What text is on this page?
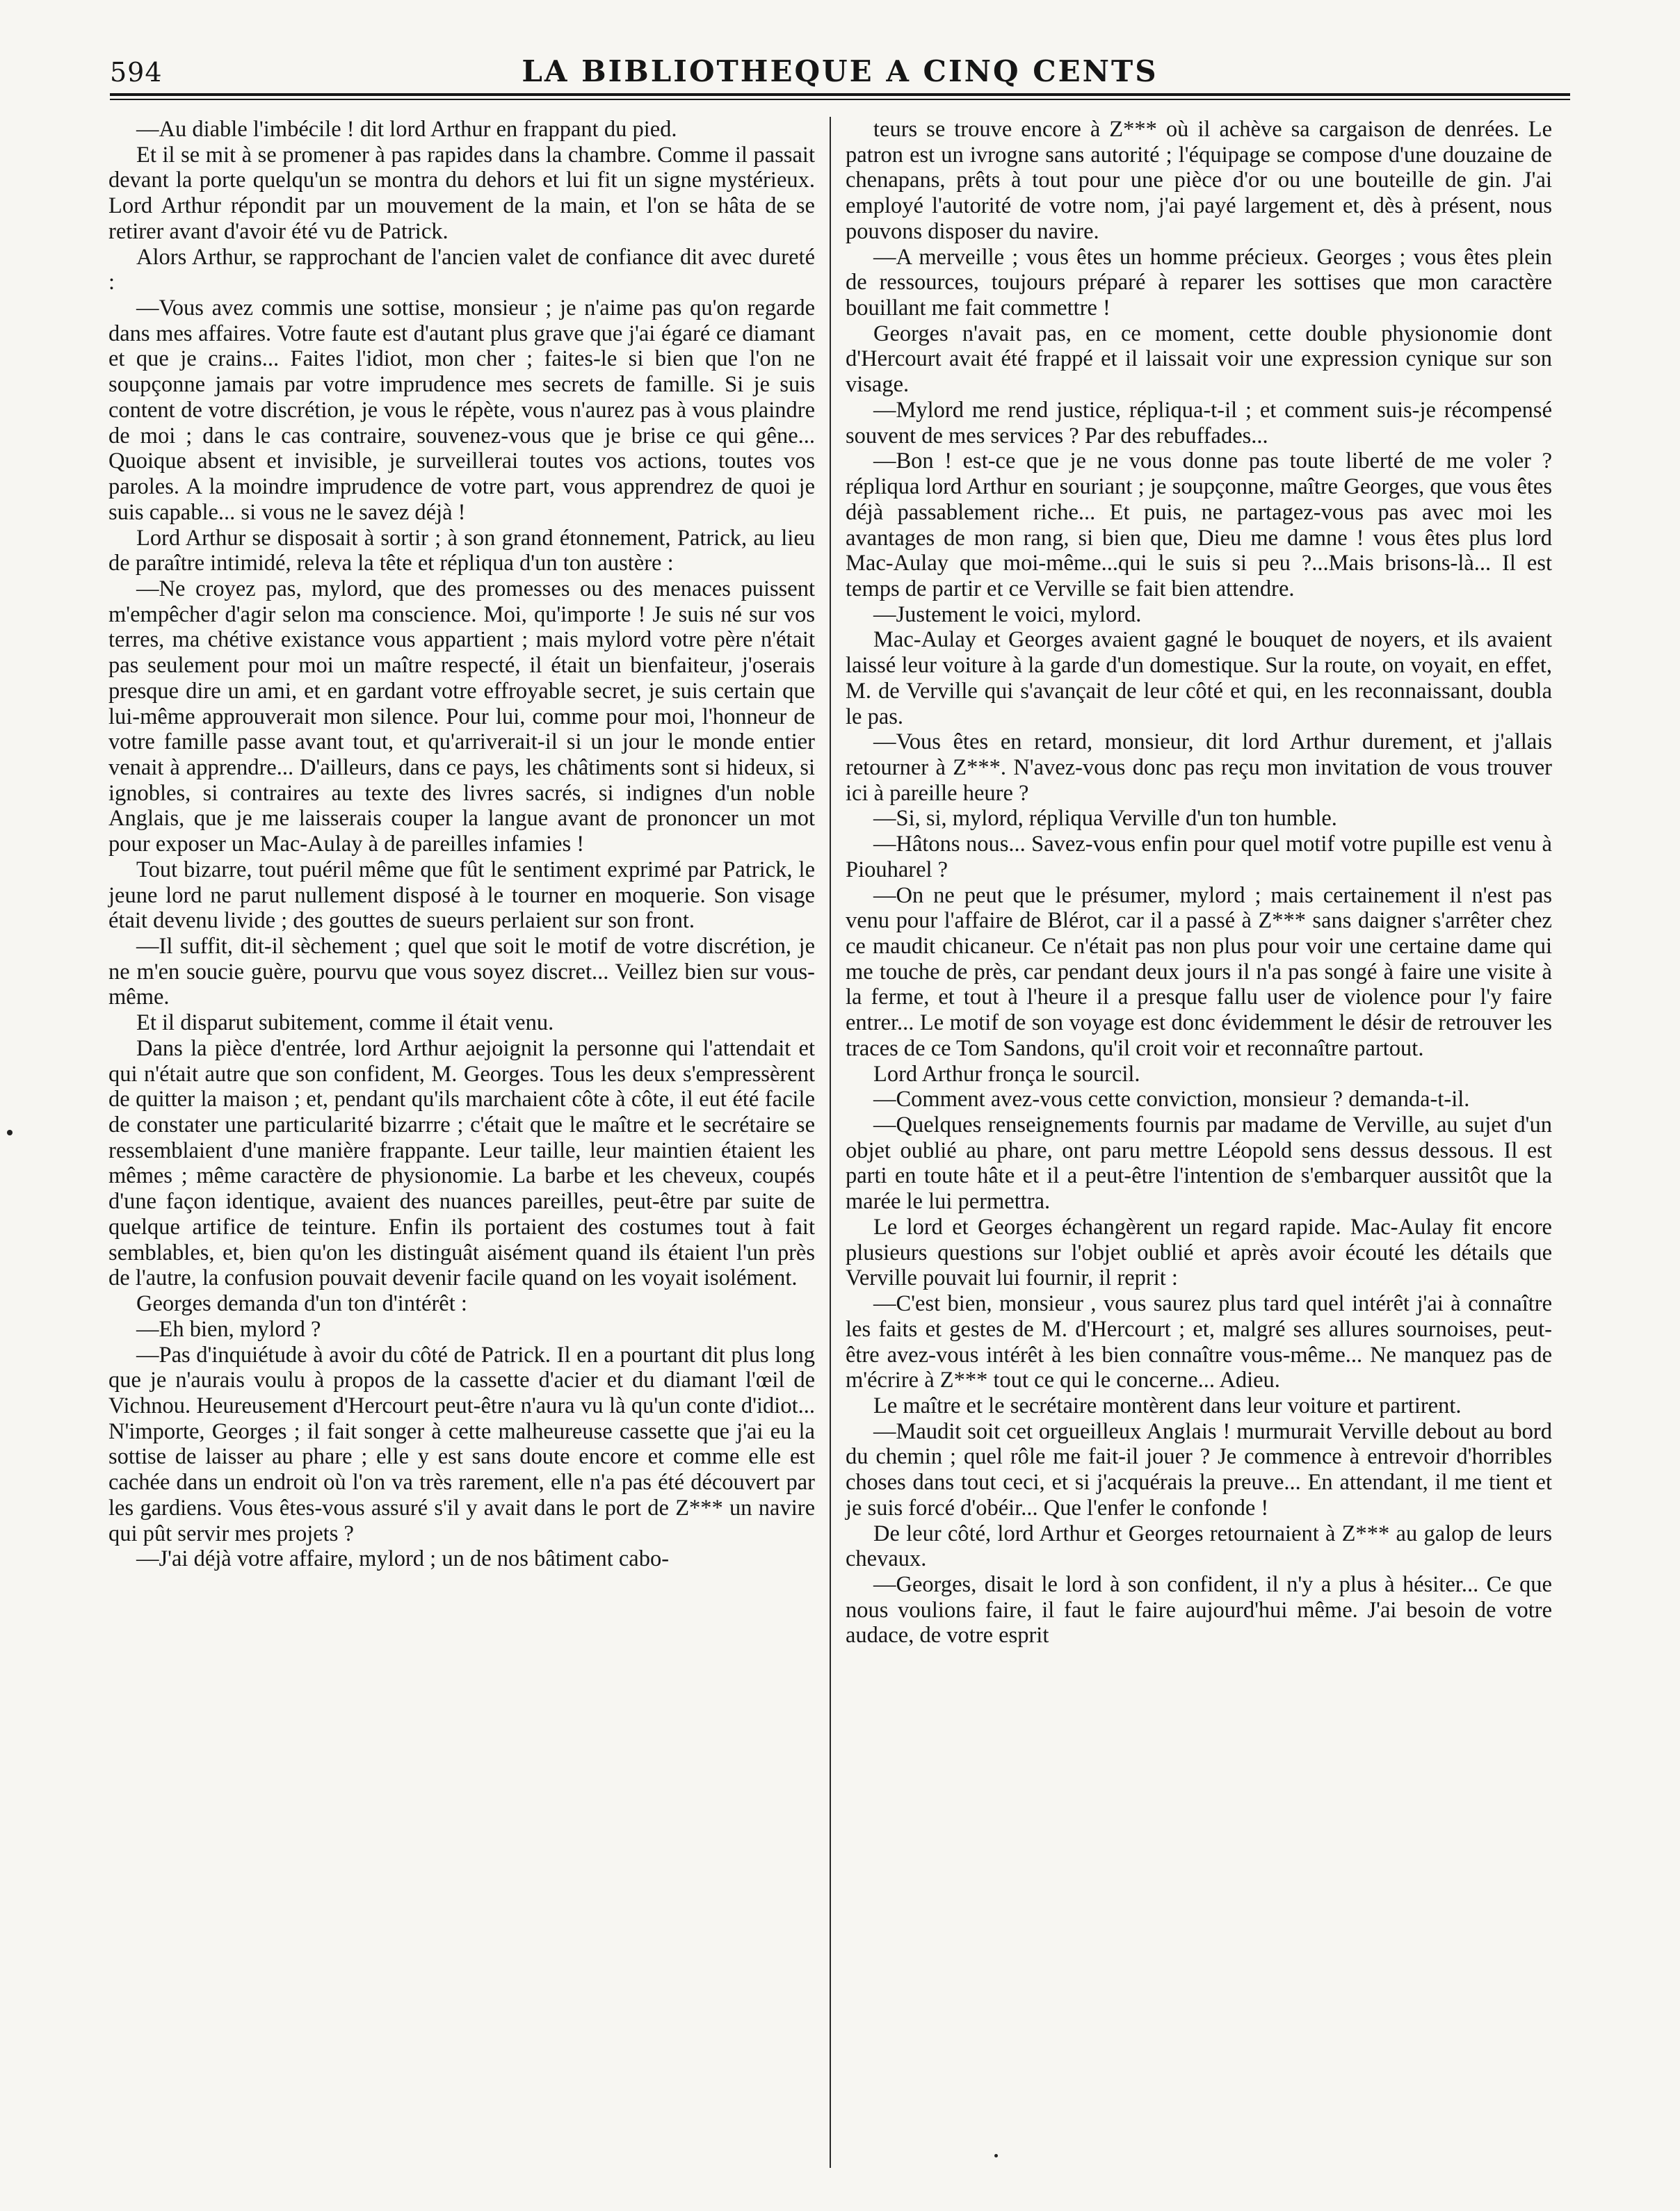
594	LA BIBLIOTHEQUE A CINQ CENTS

—Au diable l'imbécile ! dit lord Arthur en frappant du pied.

Et il se mit à se promener à pas rapides dans la chambre. Comme il passait devant la porte quelqu'un se montra du dehors et lui fit un signe mystérieux. Lord Arthur répondit par un mouvement de la main, et l'on se hâta de se retirer avant d'avoir été vu de Patrick.

Alors Arthur, se rapprochant de l'ancien valet de confiance dit avec dureté :

—Vous avez commis une sottise, monsieur ; je n'aime pas qu'on regarde dans mes affaires. Votre faute est d'autant plus grave que j'ai égaré ce diamant et que je crains... Faites l'idiot, mon cher ; faites-le si bien que l'on ne soupçonne jamais par votre imprudence mes secrets de famille. Si je suis content de votre discrétion, je vous le répète, vous n'aurez pas à vous plaindre de moi ; dans le cas contraire, souvenez-vous que je brise ce qui gêne... Quoique absent et invisible, je surveillerai toutes vos actions, toutes vos paroles. A la moindre imprudence de votre part, vous apprendrez de quoi je suis capable... si vous ne le savez déjà !

Lord Arthur se disposait à sortir ; à son grand étonnement, Patrick, au lieu de paraître intimidé, releva la tête et répliqua d'un ton austère :

—Ne croyez pas, mylord, que des promesses ou des menaces puissent m'empêcher d'agir selon ma conscience. Moi, qu'importe ! Je suis né sur vos terres, ma chétive existance vous appartient ; mais mylord votre père n'était pas seulement pour moi un maître respecté, il était un bienfaiteur, j'oserais presque dire un ami, et en gardant votre effroyable secret, je suis certain que lui-même approuverait mon silence. Pour lui, comme pour moi, l'honneur de votre famille passe avant tout, et qu'arriverait-il si un jour le monde entier venait à apprendre... D'ailleurs, dans ce pays, les châtiments sont si hideux, si ignobles, si contraires au texte des livres sacrés, si indignes d'un noble Anglais, que je me laisserais couper la langue avant de prononcer un mot pour exposer un Mac-Aulay à de pareilles infamies !

Tout bizarre, tout puéril même que fût le sentiment exprimé par Patrick, le jeune lord ne parut nullement disposé à le tourner en moquerie. Son visage était devenu livide ; des gouttes de sueurs perlaient sur son front.

—Il suffit, dit-il sèchement ; quel que soit le motif de votre discrétion, je ne m'en soucie guère, pourvu que vous soyez discret... Veillez bien sur vous-même.

Et il disparut subitement, comme il était venu.

Dans la pièce d'entrée, lord Arthur aejoignit la personne qui l'attendait et qui n'était autre que son confident, M. Georges. Tous les deux s'empressèrent de quitter la maison ; et, pendant qu'ils marchaient côte à côte, il eut été facile de constater une particularité bizarrre ; c'était que le maître et le secrétaire se ressemblaient d'une manière frappante. Leur taille, leur maintien étaient les mêmes ; même caractère de physionomie. La barbe et les cheveux, coupés d'une façon identique, avaient des nuances pareilles, peut-être par suite de quelque artifice de teinture. Enfin ils portaient des costumes tout à fait semblables, et, bien qu'on les distinguât aisément quand ils étaient l'un près de l'autre, la confusion pouvait devenir facile quand on les voyait isolément.

Georges demanda d'un ton d'intérêt :

—Eh bien, mylord ?

—Pas d'inquiétude à avoir du côté de Patrick. Il en a pourtant dit plus long que je n'aurais voulu à propos de la cassette d'acier et du diamant l'œil de Vichnou. Heureusement d'Hercourt peut-être n'aura vu là qu'un conte d'idiot... N'importe, Georges ; il fait songer à cette malheureuse cassette que j'ai eu la sottise de laisser au phare ; elle y est sans doute encore et comme elle est cachée dans un endroit où l'on va très rarement, elle n'a pas été découvert par les gardiens. Vous êtes-vous assuré s'il y avait dans le port de Z*** un navire qui pût servir mes projets ?

—J'ai déjà votre affaire, mylord ; un de nos bâtiment cabo-

teurs se trouve encore à Z*** où il achève sa cargaison de denrées. Le patron est un ivrogne sans autorité ; l'équipage se compose d'une douzaine de chenapans, prêts à tout pour une pièce d'or ou une bouteille de gin. J'ai employé l'autorité de votre nom, j'ai payé largement et, dès à présent, nous pouvons disposer du navire.

—A merveille ; vous êtes un homme précieux. Georges ; vous êtes plein de ressources, toujours préparé à reparer les sottises que mon caractère bouillant me fait commettre !

Georges n'avait pas, en ce moment, cette double physionomie dont d'Hercourt avait été frappé et il laissait voir une expression cynique sur son visage.

—Mylord me rend justice, répliqua-t-il ; et comment suis-je récompensé souvent de mes services ? Par des rebuffades...

—Bon ! est-ce que je ne vous donne pas toute liberté de me voler ? répliqua lord Arthur en souriant ; je soupçonne, maître Georges, que vous êtes déjà passablement riche... Et puis, ne partagez-vous pas avec moi les avantages de mon rang, si bien que, Dieu me damne ! vous êtes plus lord Mac-Aulay que moi-même...qui le suis si peu ?...Mais brisons-là... Il est temps de partir et ce Verville se fait bien attendre.

—Justement le voici, mylord.

Mac-Aulay et Georges avaient gagné le bouquet de noyers, et ils avaient laissé leur voiture à la garde d'un domestique. Sur la route, on voyait, en effet, M. de Verville qui s'avançait de leur côté et qui, en les reconnaissant, doubla le pas.

—Vous êtes en retard, monsieur, dit lord Arthur durement, et j'allais retourner à Z***. N'avez-vous donc pas reçu mon invitation de vous trouver ici à pareille heure ?

—Si, si, mylord, répliqua Verville d'un ton humble.

—Hâtons nous... Savez-vous enfin pour quel motif votre pupille est venu à Piouharel ?

—On ne peut que le présumer, mylord ; mais certainement il n'est pas venu pour l'affaire de Blérot, car il a passé à Z*** sans daigner s'arrêter chez ce maudit chicaneur. Ce n'était pas non plus pour voir une certaine dame qui me touche de près, car pendant deux jours il n'a pas songé à faire une visite à la ferme, et tout à l'heure il a presque fallu user de violence pour l'y faire entrer... Le motif de son voyage est donc évidemment le désir de retrouver les traces de ce Tom Sandons, qu'il croit voir et reconnaître partout.

Lord Arthur fronça le sourcil.

—Comment avez-vous cette conviction, monsieur ? demanda-t-il.

—Quelques renseignements fournis par madame de Verville, au sujet d'un objet oublié au phare, ont paru mettre Léopold sens dessus dessous. Il est parti en toute hâte et il a peut-être l'intention de s'embarquer aussitôt que la marée le lui permettra.

Le lord et Georges échangèrent un regard rapide. Mac-Aulay fit encore plusieurs questions sur l'objet oublié et après avoir écouté les détails que Verville pouvait lui fournir, il reprit :

—C'est bien, monsieur , vous saurez plus tard quel intérêt j'ai à connaître les faits et gestes de M. d'Hercourt ; et, malgré ses allures sournoises, peut-être avez-vous intérêt à les bien connaître vous-même... Ne manquez pas de m'écrire à Z*** tout ce qui le concerne... Adieu.

Le maître et le secrétaire montèrent dans leur voiture et partirent.

—Maudit soit cet orgueilleux Anglais ! murmurait Verville debout au bord du chemin ; quel rôle me fait-il jouer ? Je commence à entrevoir d'horribles choses dans tout ceci, et si j'acquérais la preuve... En attendant, il me tient et je suis forcé d'obéir... Que l'enfer le confonde !

De leur côté, lord Arthur et Georges retournaient à Z*** au galop de leurs chevaux.

—Georges, disait le lord à son confident, il n'y a plus à hésiter... Ce que nous voulions faire, il faut le faire aujourd'hui même. J'ai besoin de votre audace, de votre esprit
